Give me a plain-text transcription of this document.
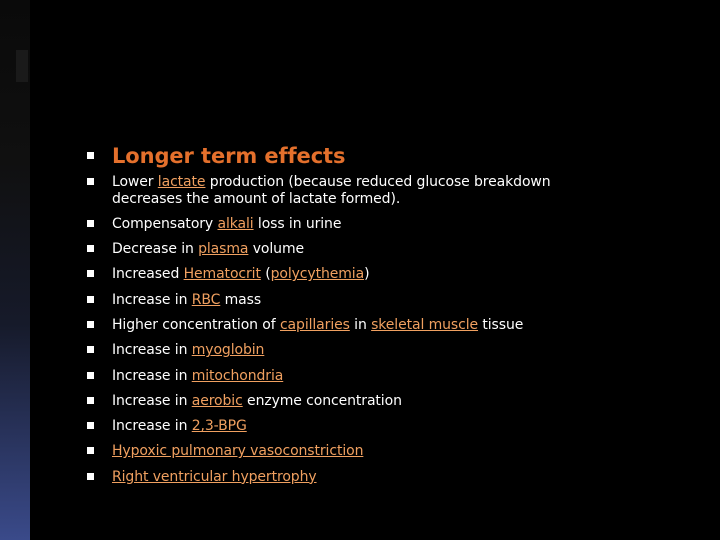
Longer term effects
Lower lactate production (because reduced glucose breakdown decreases the amount of lactate formed).
Compensatory alkali loss in urine
Decrease in plasma volume
Increased Hematocrit (polycythemia)
Increase in RBC mass
Higher concentration of capillaries in skeletal muscle tissue
Increase in myoglobin
Increase in mitochondria
Increase in aerobic enzyme concentration
Increase in 2,3-BPG
Hypoxic pulmonary vasoconstriction
Right ventricular hypertrophy
